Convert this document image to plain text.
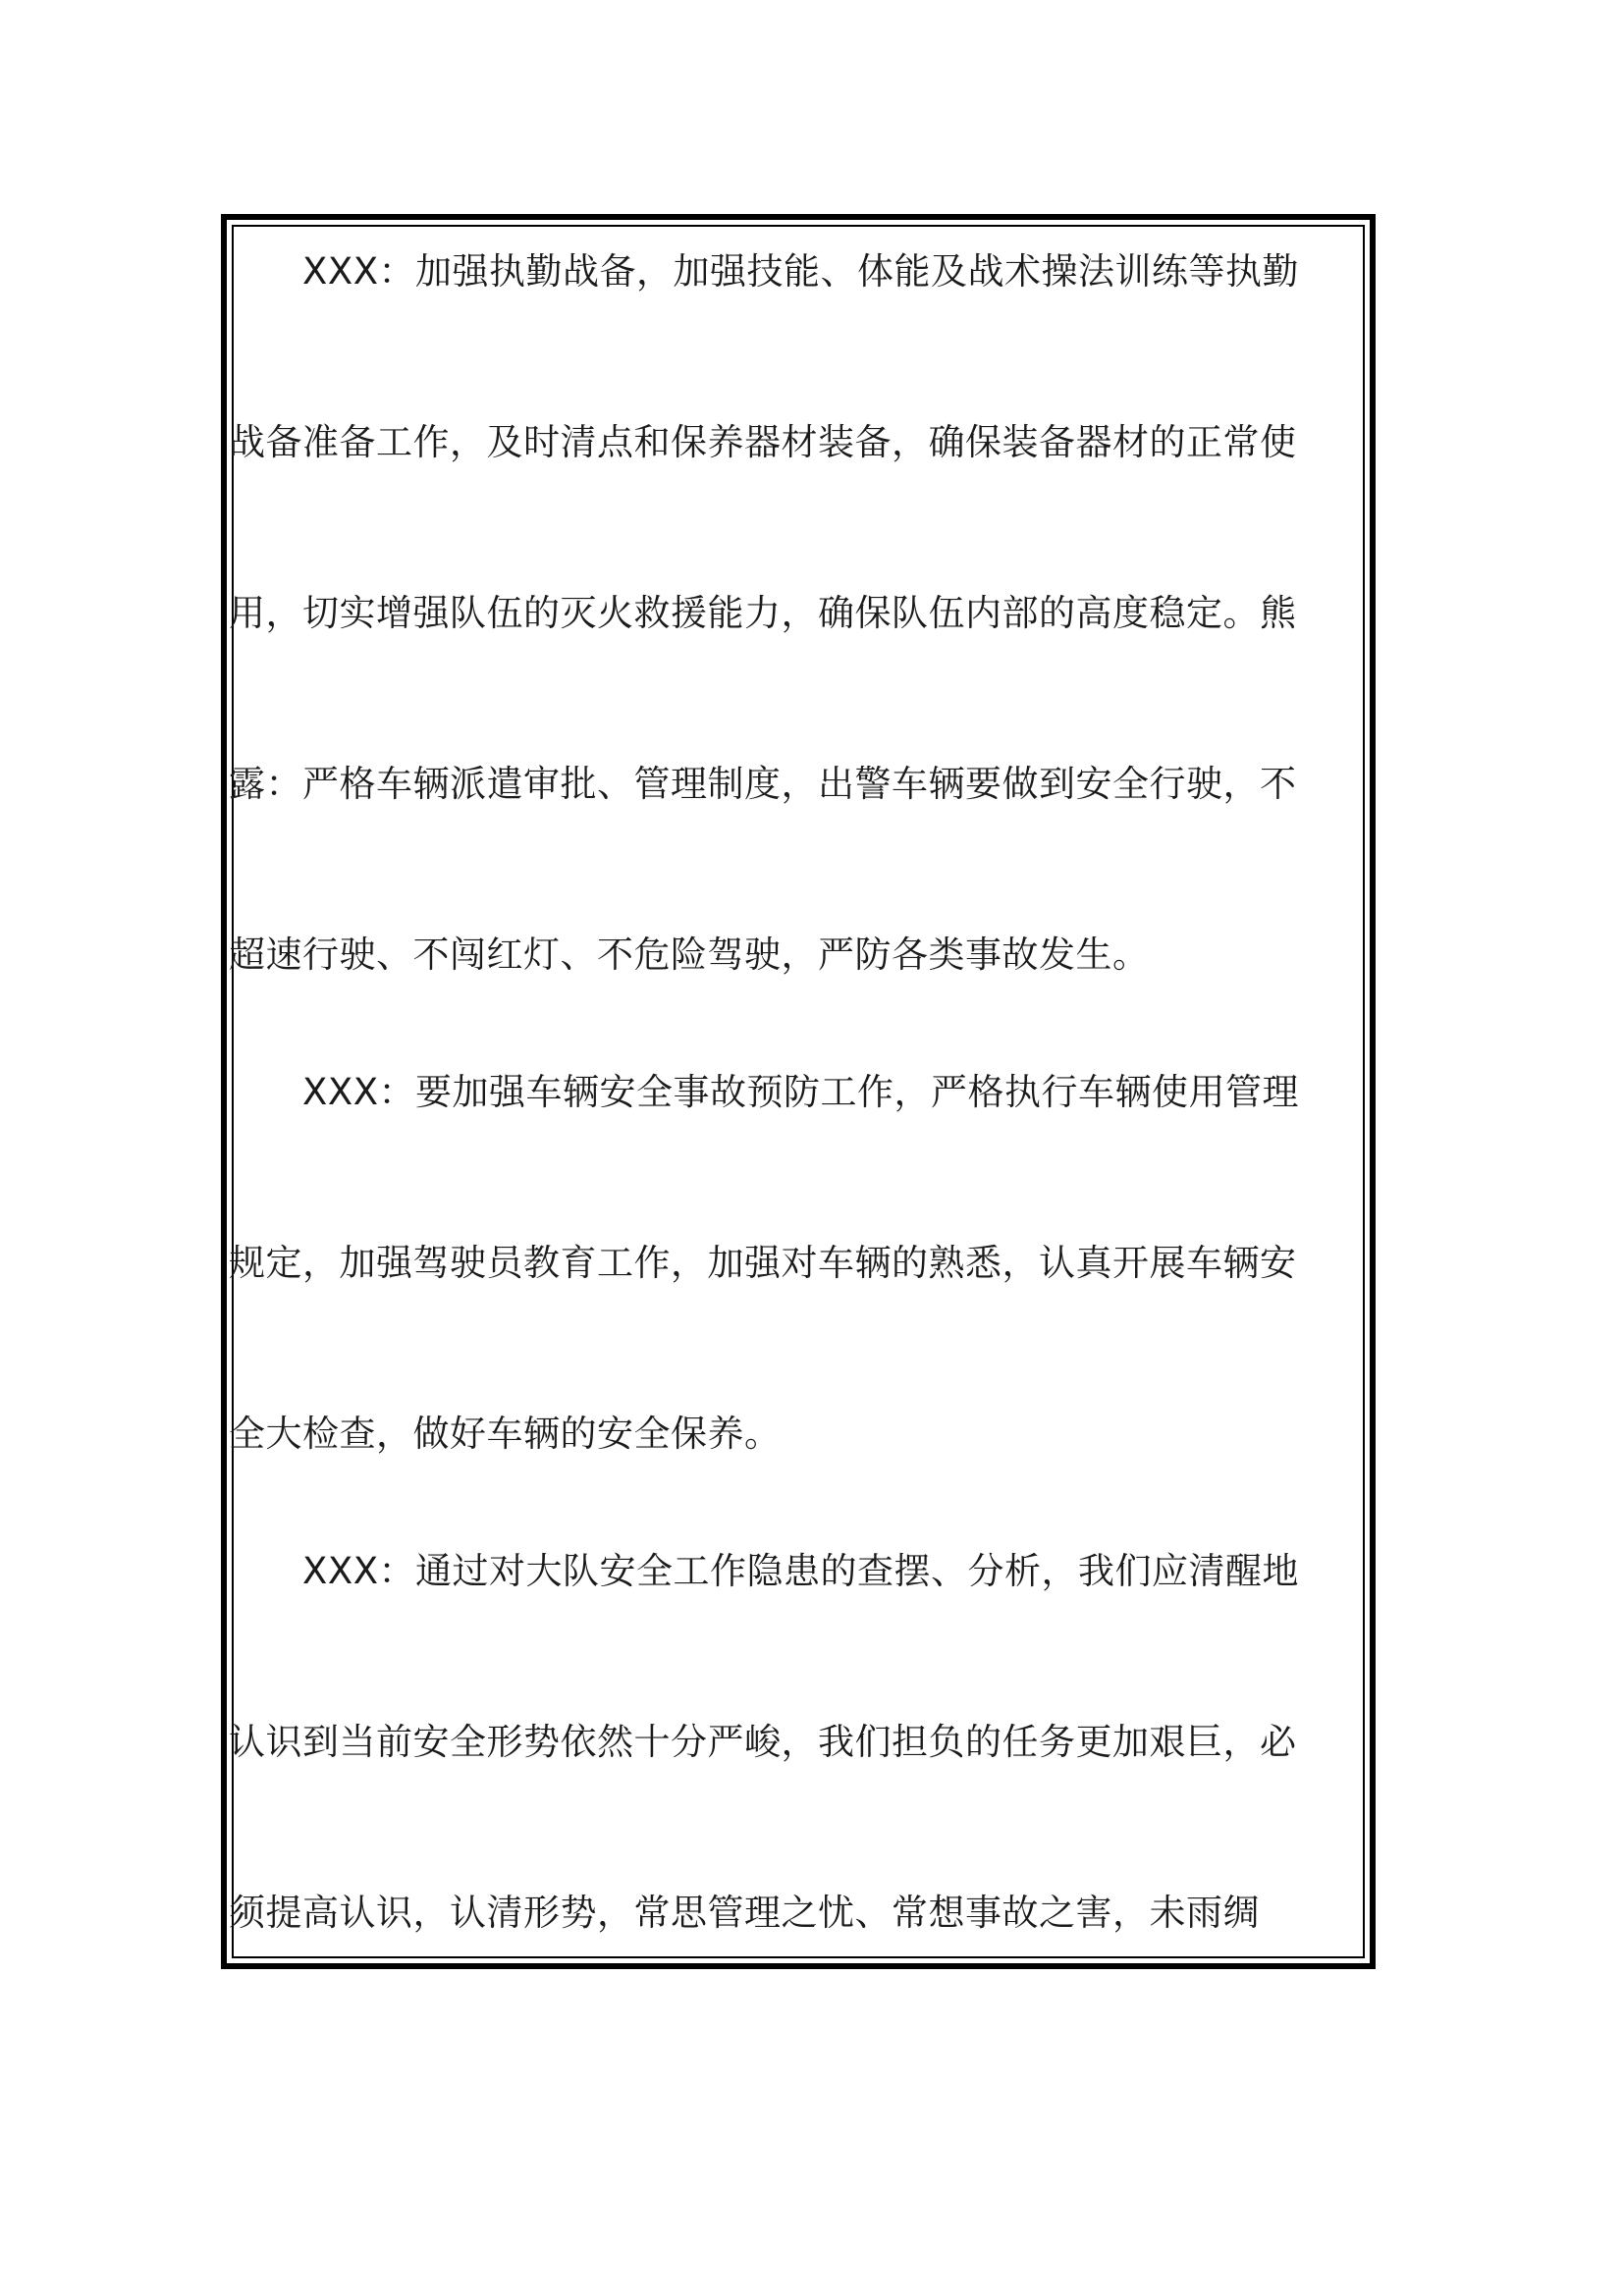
XXX：加强执勤战备，加强技能、体能及战术操法训练等执勤
战备准备工作，及时清点和保养器材装备，确保装备器材的正常使
用，切实增强队伍的灭火救援能力，确保队伍内部的高度稳定。熊
露：严格车辆派遣审批、管理制度，出警车辆要做到安全行驶，不
超速行驶、不闯红灯、不危险驾驶，严防各类事故发生。
XXX：要加强车辆安全事故预防工作，严格执行车辆使用管理
规定，加强驾驶员教育工作，加强对车辆的熟悉，认真开展车辆安
全大检查，做好车辆的安全保养。
XXX：通过对大队安全工作隐患的查摆、分析，我们应清醒地
认识到当前安全形势依然十分严峻，我们担负的任务更加艰巨，必
须提高认识，认清形势，常思管理之忧、常想事故之害，未雨绸
